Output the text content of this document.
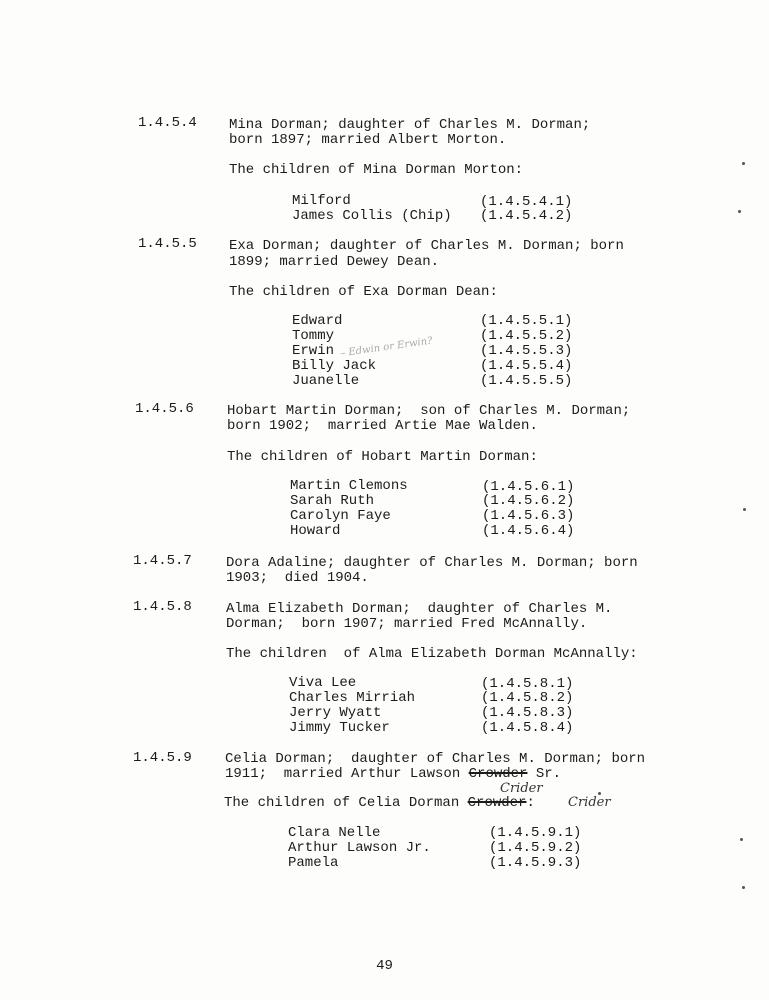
1.4.5.4 Mina Dorman; daughter of Charles M. Dorman;
born 1897; married Albert Morton.
The children of Mina Dorman Morton:
Milford	(1.4.5.4.1)
James Collis (Chip) (1.4.5.4.2)
1.4.5.5 Exa Dorman; daughter of Charles M. Dorman; born
1899; married Dewey Dean.
The children of Exa Dorman Dean:
Edward	(1.4.5.5.1)
Tommy	(1.4.5.5.2)
Erwin – Edwin or Erwin?	(1.4.5.5.3)
Billy Jack	(1.4.5.5.4)
Juanelle	(1.4.5.5.5)
1.4.5.6 Hobart Martin Dorman;  son of Charles M. Dorman;
born 1902;  married Artie Mae Walden.
The children of Hobart Martin Dorman:
Martin Clemons	(1.4.5.6.1)
Sarah Ruth	(1.4.5.6.2)
Carolyn Faye	(1.4.5.6.3)
Howard	(1.4.5.6.4)
1.4.5.7 Dora Adaline; daughter of Charles M. Dorman; born
1903;  died 1904.
1.4.5.8 Alma Elizabeth Dorman;  daughter of Charles M.
Dorman;  born 1907; married Fred McAnnally.
The children  of Alma Elizabeth Dorman McAnnally:
Viva Lee	(1.4.5.8.1)
Charles Mirriah	(1.4.5.8.2)
Jerry Wyatt	(1.4.5.8.3)
Jimmy Tucker	(1.4.5.8.4)
1.4.5.9 Celia Dorman;  daughter of Charles M. Dorman; born
1911;  married Arthur Lawson Crowder Sr.
Crider
The children of Celia Dorman Crowder:	Crider
Clara Nelle	(1.4.5.9.1)
Arthur Lawson Jr.	(1.4.5.9.2)
Pamela	(1.4.5.9.3)
49
